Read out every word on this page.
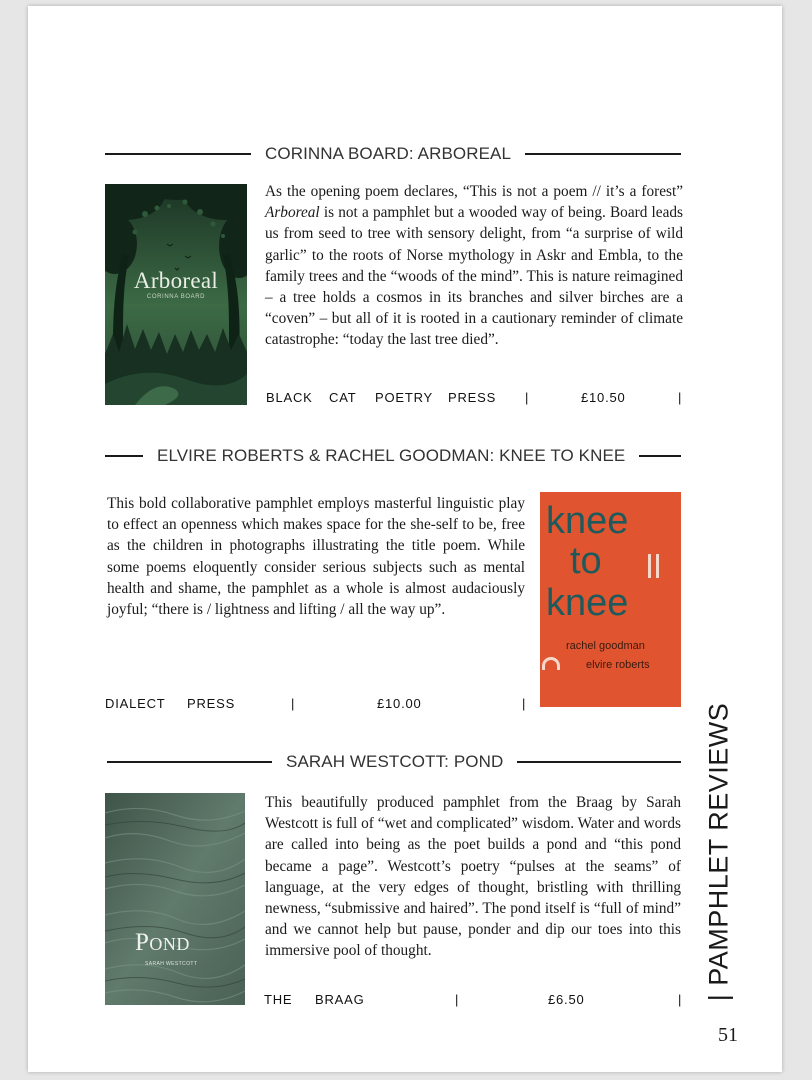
CORINNA BOARD: ARBOREAL
Arboreal
CORINNA BOARD
As the opening poem declares, “This is not a poem // it’s a forest” Arboreal is not a pamphlet but a wooded way of being. Board leads us from seed to tree with sensory delight, from “a surprise of wild garlic” to the roots of Norse mythology in Askr and Embla, to the family trees and the “woods of the mind”. This is nature reimagined – a tree holds a cosmos in its branches and silver birches are a “coven” – but all of it is rooted in a cautionary reminder of climate catastrophe: “today the last tree died”.
BLACK CAT POETRY PRESS |	£10.50	|
ELVIRE ROBERTS & RACHEL GOODMAN: KNEE TO KNEE
This bold collaborative pamphlet employs masterful linguistic play to effect an openness which makes space for the she-self to be, free as the children in photographs illustrating the title poem. While some poems eloquently consider serious subjects such as mental health and shame, the pamphlet as a whole is almost audaciously joyful; “there is / lightness and lifting / all the way up”.
knee
to
knee
rachel goodman
elvire roberts
DIALECT PRESS	|	£10.00	|
SARAH WESTCOTT: POND
Pond
SARAH WESTCOTT
This beautifully produced pamphlet from the Braag by Sarah Westcott is full of “wet and complicated” wisdom. Water and words are called into being as the poet builds a pond and “this pond became a page”. Westcott’s poetry “pulses at the seams” of language, at the very edges of thought, bristling with thrilling newness, “submissive and haired”. The pond itself is “full of mind” and we cannot help but pause, ponder and dip our toes into this immersive pool of thought.
THE BRAAG	|	£6.50	| | PAMPHLET REVIEWS
51
